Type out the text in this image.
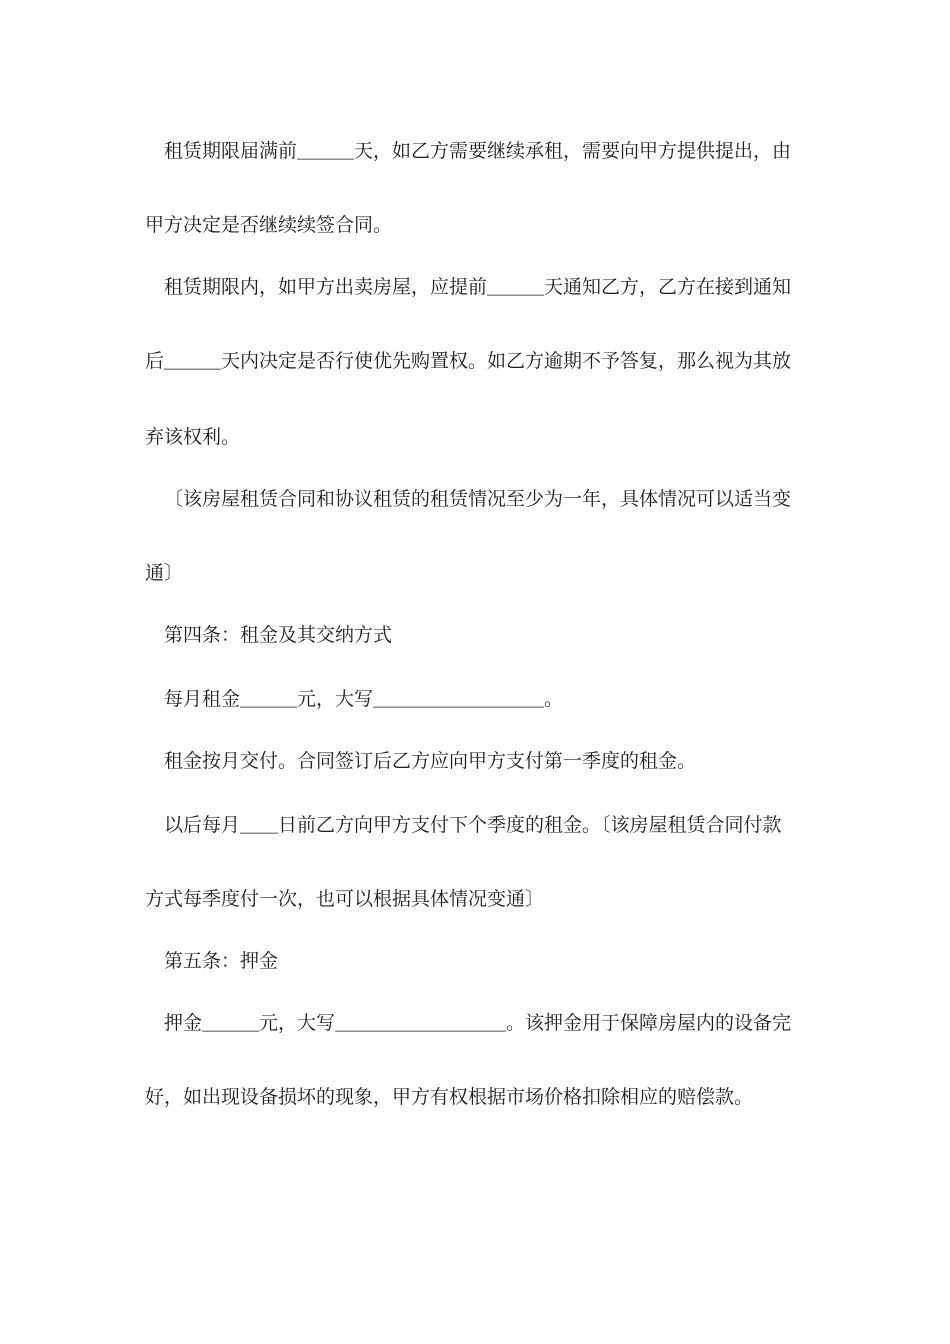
租赁期限届满前＿＿＿天，如乙方需要继续承租，需要向甲方提供提出，由
甲方决定是否继续续签合同。
租赁期限内，如甲方出卖房屋，应提前＿＿＿天通知乙方，乙方在接到通知
后＿＿＿天内决定是否行使优先购置权。如乙方逾期不予答复，那么视为其放
弃该权利。
〔该房屋租赁合同和协议租赁的租赁情况至少为一年，具体情况可以适当变
通〕
第四条：租金及其交纳方式
每月租金＿＿＿元，大写＿＿＿＿＿＿＿＿＿。
租金按月交付。合同签订后乙方应向甲方支付第一季度的租金。
以后每月＿＿日前乙方向甲方支付下个季度的租金。〔该房屋租赁合同付款
方式每季度付一次，也可以根据具体情况变通〕
第五条：押金
押金＿＿＿元，大写＿＿＿＿＿＿＿＿＿。该押金用于保障房屋内的设备完
好，如出现设备损坏的现象，甲方有权根据市场价格扣除相应的赔偿款。
